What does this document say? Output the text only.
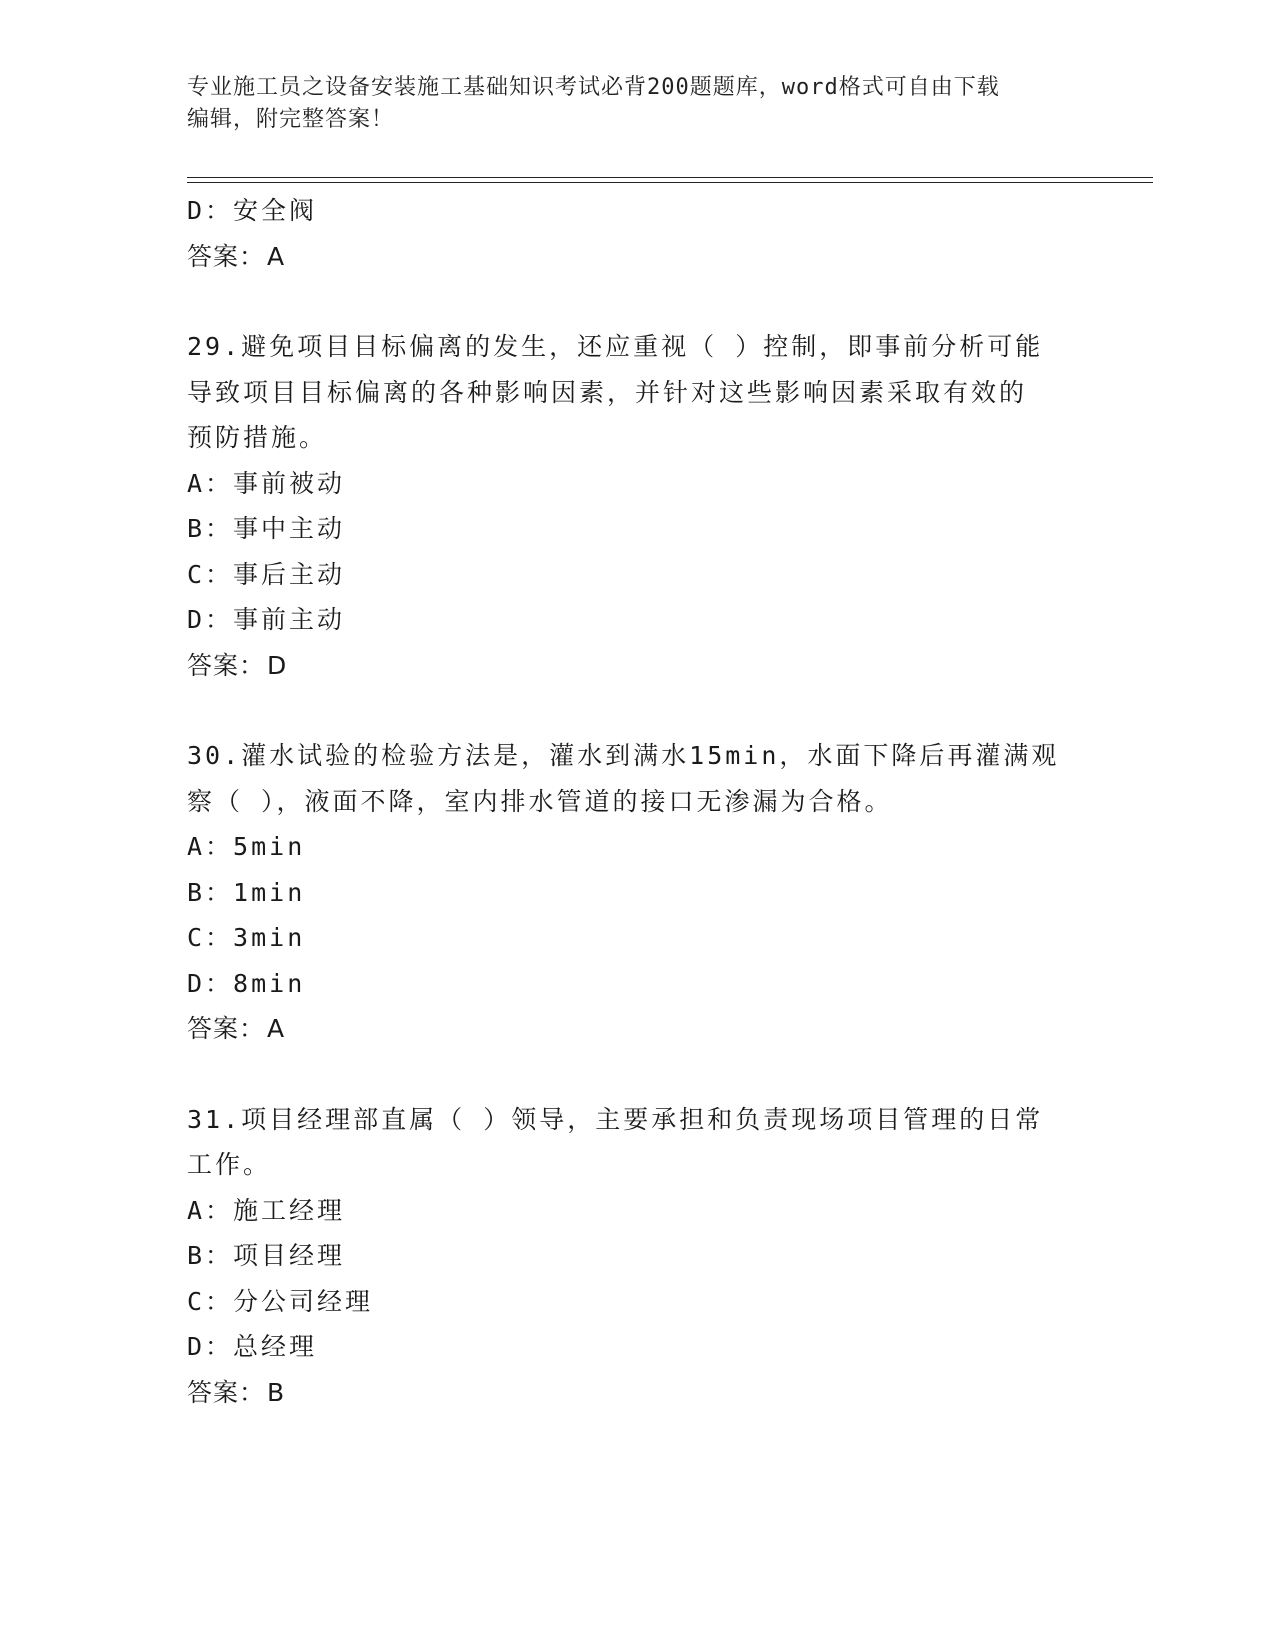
专业施工员之设备安装施工基础知识考试必背200题题库，word格式可自由下载
编辑，附完整答案！
D：安全阀
答案：A
29.避免项目目标偏离的发生，还应重视（ ）控制，即事前分析可能
导致项目目标偏离的各种影响因素，并针对这些影响因素采取有效的
预防措施。
A：事前被动
B：事中主动
C：事后主动
D：事前主动
答案：D
30.灌水试验的检验方法是，灌水到满水15min，水面下降后再灌满观
察（ ），液面不降，室内排水管道的接口无渗漏为合格。
A：5min
B：1min
C：3min
D：8min
答案：A
31.项目经理部直属（ ）领导，主要承担和负责现场项目管理的日常
工作。
A：施工经理
B：项目经理
C：分公司经理
D：总经理
答案：B
